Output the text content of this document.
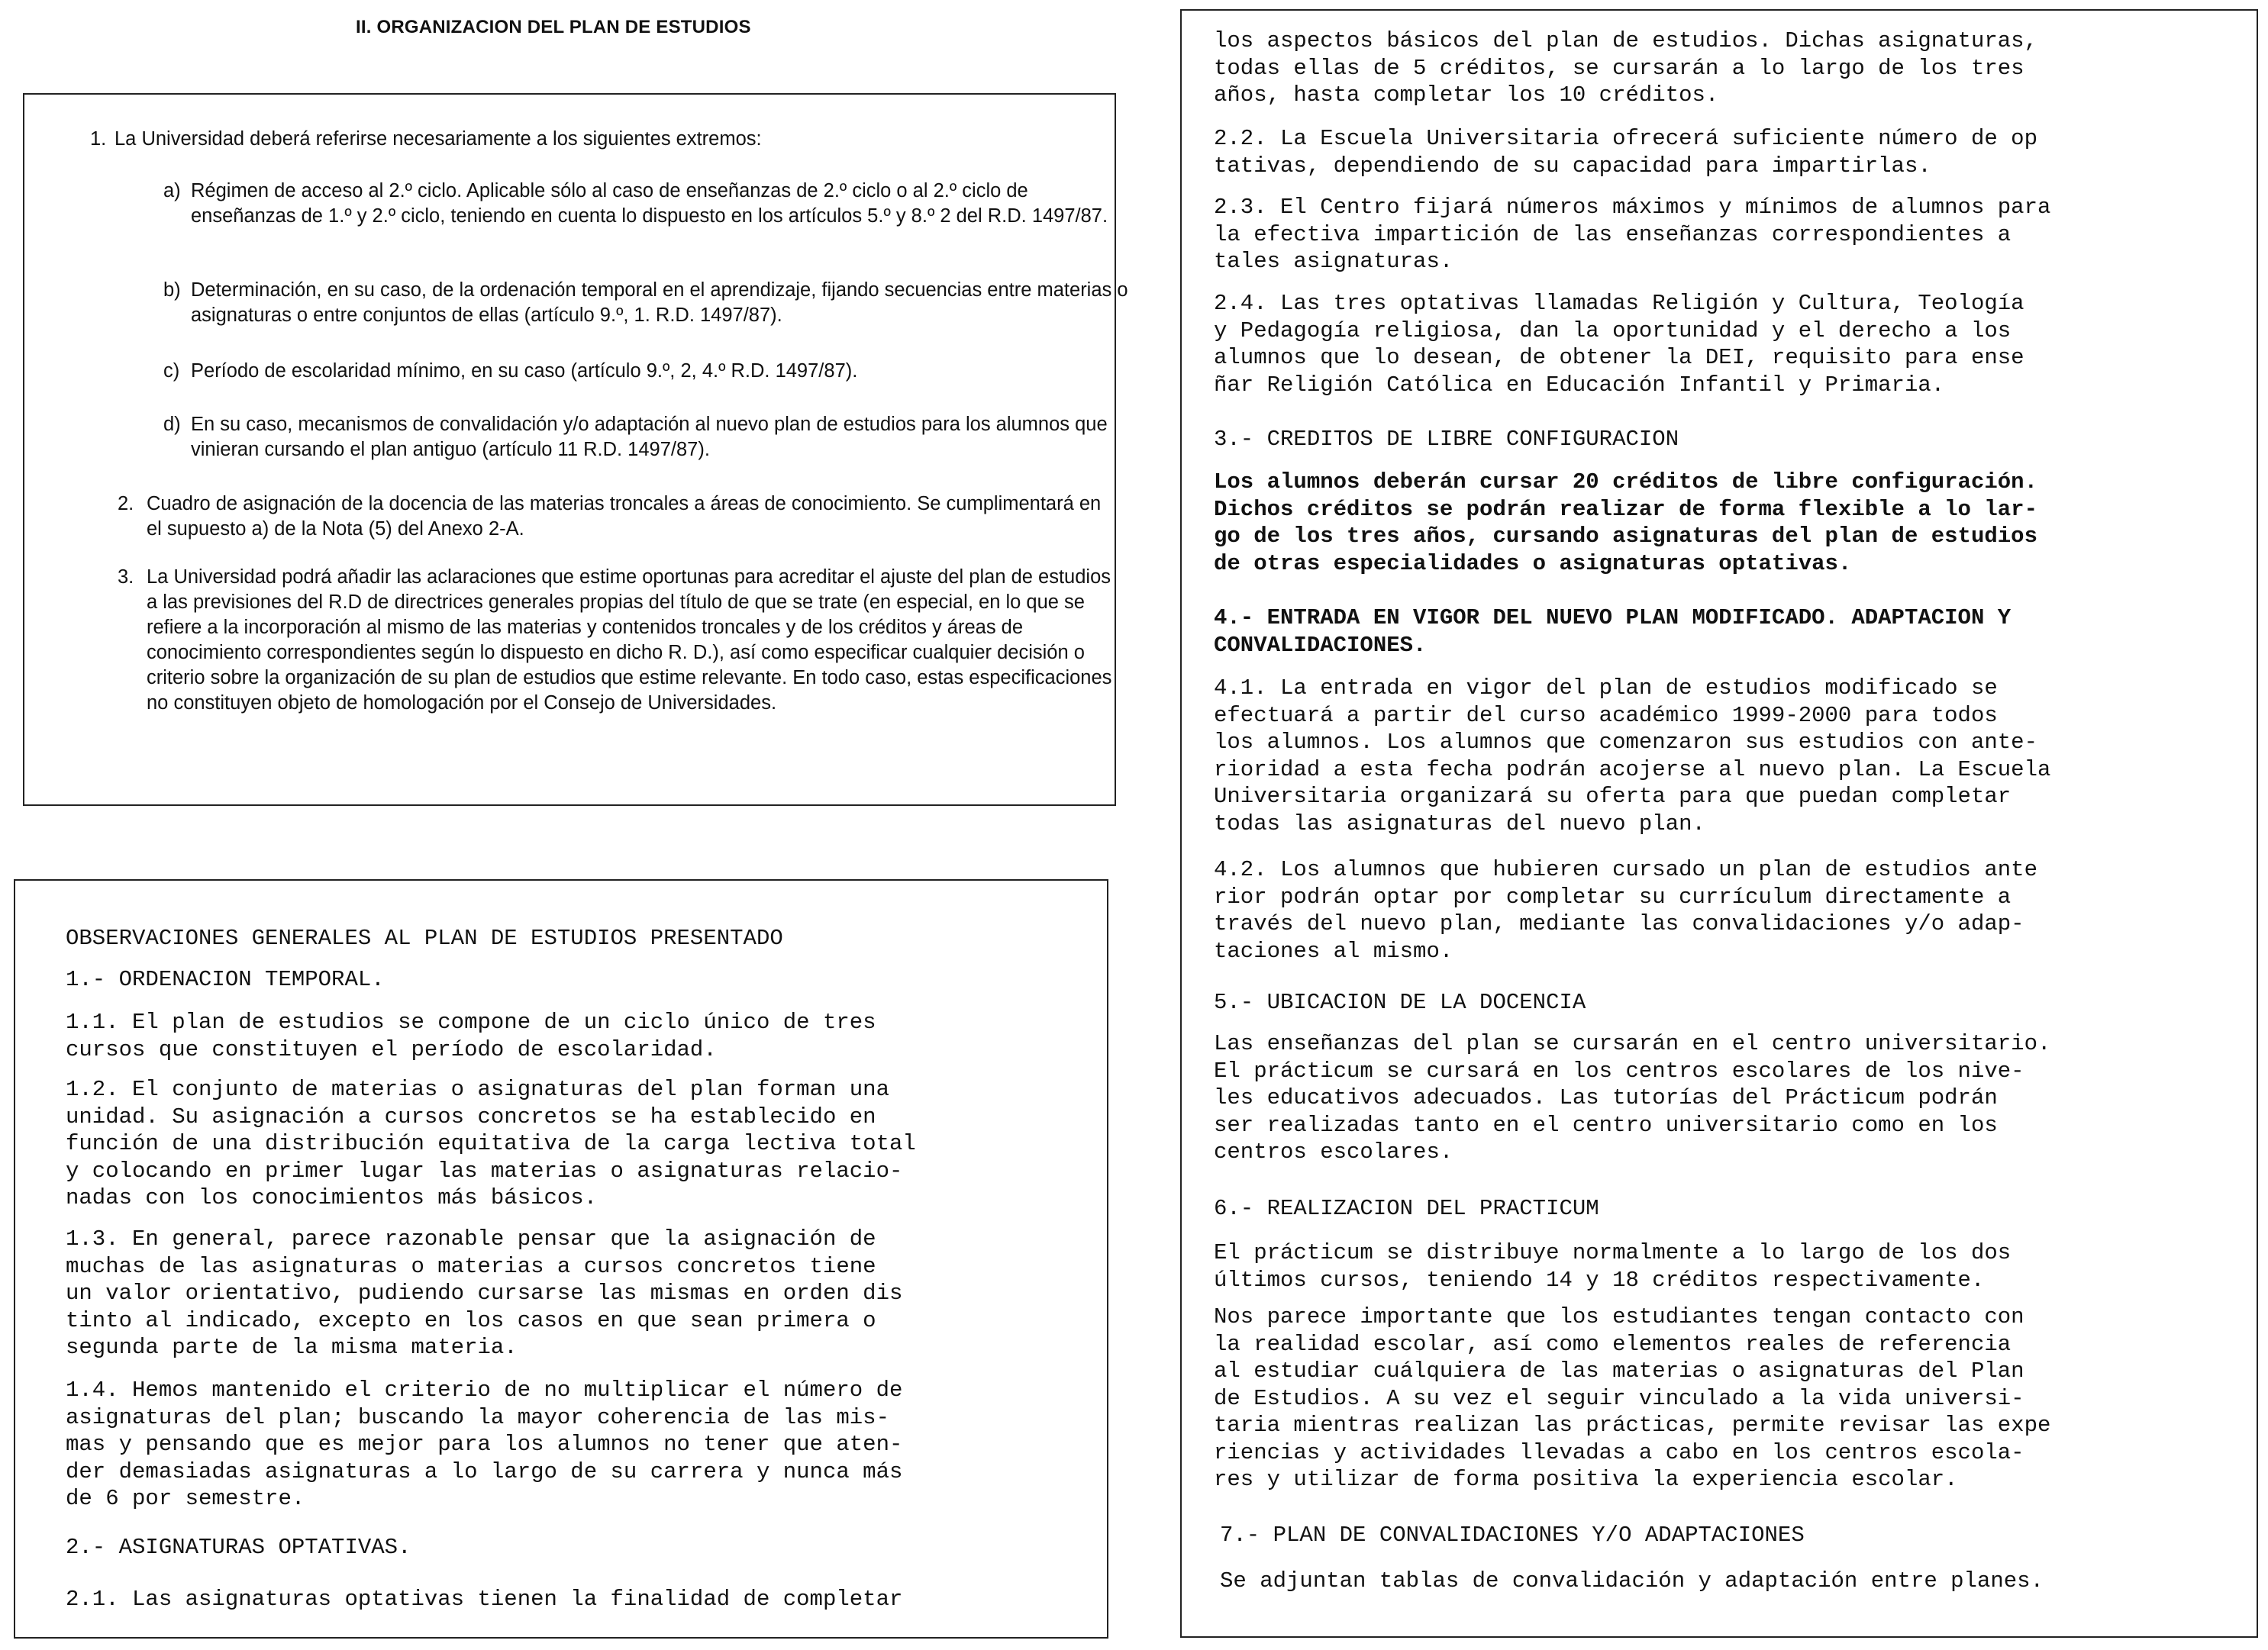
II. ORGANIZACION DEL PLAN DE ESTUDIOS
1. La Universidad deberá referirse necesariamente a los siguientes extremos:
a) Régimen de acceso al 2.º ciclo. Aplicable sólo al caso de enseñanzas de 2.º ciclo o al 2.º ciclo de enseñanzas de 1.º y 2.º ciclo, teniendo en cuenta lo dispuesto en los artículos 5.º y 8.º 2 del R.D. 1497/87.
b) Determinación, en su caso, de la ordenación temporal en el aprendizaje, fijando secuencias entre materias o asignaturas o entre conjuntos de ellas (artículo 9.º, 1. R.D. 1497/87).
c) Período de escolaridad mínimo, en su caso (artículo 9.º, 2, 4.º R.D. 1497/87).
d) En su caso, mecanismos de convalidación y/o adaptación al nuevo plan de estudios para los alumnos que vinieran cursando el plan antiguo (artículo 11 R.D. 1497/87).
2. Cuadro de asignación de la docencia de las materias troncales a áreas de conocimiento. Se cumplimentará en el supuesto a) de la Nota (5) del Anexo 2-A.
3. La Universidad podrá añadir las aclaraciones que estime oportunas para acreditar el ajuste del plan de estudios a las previsiones del R.D de directrices generales propias del título de que se trate (en especial, en lo que se refiere a la incorporación al mismo de las materias y contenidos troncales y de los créditos y áreas de conocimiento correspondientes según lo dispuesto en dicho R. D.), así como especificar cualquier decisión o criterio sobre la organización de su plan de estudios que estime relevante. En todo caso, estas especificaciones no constituyen objeto de homologación por el Consejo de Universidades.

OBSERVACIONES GENERALES AL PLAN DE ESTUDIOS PRESENTADO

1.- ORDENACION TEMPORAL.

1.1. El plan de estudios se compone de un ciclo único de tres
cursos que constituyen el período de escolaridad.

1.2. El conjunto de materias o asignaturas del plan forman una
unidad. Su asignación a cursos concretos se ha establecido en
función de una distribución equitativa de la carga lectiva total
y colocando en primer lugar las materias o asignaturas relacio-
nadas con los conocimientos más básicos.

1.3. En general, parece razonable pensar que la asignación de
muchas de las asignaturas o materias a cursos concretos tiene
un valor orientativo, pudiendo cursarse las mismas en orden dis
tinto al indicado, excepto en los casos en que sean primera o
segunda parte de la misma materia.

1.4. Hemos mantenido el criterio de no multiplicar el número de
asignaturas del plan; buscando la mayor coherencia de las mis-
mas y pensando que es mejor para los alumnos no tener que aten-
der demasiadas asignaturas a lo largo de su carrera y nunca más
de 6 por semestre.

2.- ASIGNATURAS OPTATIVAS.

2.1. Las asignaturas optativas tienen la finalidad de completar

los aspectos básicos del plan de estudios. Dichas asignaturas,
todas ellas de 5 créditos, se cursarán a lo largo de los tres
años, hasta completar los 10 créditos.

2.2. La Escuela Universitaria ofrecerá suficiente número de op
tativas, dependiendo de su capacidad para impartirlas.

2.3. El Centro fijará números máximos y mínimos de alumnos para
la efectiva impartición de las enseñanzas correspondientes a
tales asignaturas.

2.4. Las tres optativas llamadas Religión y Cultura, Teología
y Pedagogía religiosa, dan la oportunidad y el derecho a los
alumnos que lo desean, de obtener la DEI, requisito para ense
ñar Religión Católica en Educación Infantil y Primaria.

3.- CREDITOS DE LIBRE CONFIGURACION

Los alumnos deberán cursar 20 créditos de libre configuración.
Dichos créditos se podrán realizar de forma flexible a lo lar-
go de los tres años, cursando asignaturas del plan de estudios
de otras especialidades o asignaturas optativas.

4.- ENTRADA EN VIGOR DEL NUEVO PLAN MODIFICADO. ADAPTACION Y
CONVALIDACIONES.

4.1. La entrada en vigor del plan de estudios modificado se
efectuará a partir del curso académico 1999-2000 para todos
los alumnos. Los alumnos que comenzaron sus estudios con ante-
rioridad a esta fecha podrán acojerse al nuevo plan. La Escuela
Universitaria organizará su oferta para que puedan completar
todas las asignaturas del nuevo plan.

4.2. Los alumnos que hubieren cursado un plan de estudios ante
rior podrán optar por completar su currículum directamente a
través del nuevo plan, mediante las convalidaciones y/o adap-
taciones al mismo.

5.- UBICACION DE LA DOCENCIA

Las enseñanzas del plan se cursarán en el centro universitario.
El prácticum se cursará en los centros escolares de los nive-
les educativos adecuados. Las tutorías del Prácticum podrán
ser realizadas tanto en el centro universitario como en los
centros escolares.

6.- REALIZACION DEL PRACTICUM

El prácticum se distribuye normalmente a lo largo de los dos
últimos cursos, teniendo 14 y 18 créditos respectivamente.

Nos parece importante que los estudiantes tengan contacto con
la realidad escolar, así como elementos reales de referencia
al estudiar cuálquiera de las materias o asignaturas del Plan
de Estudios. A su vez el seguir vinculado a la vida universi-
taria mientras realizan las prácticas, permite revisar las expe
riencias y actividades llevadas a cabo en los centros escola-
res y utilizar de forma positiva la experiencia escolar.

7.- PLAN DE CONVALIDACIONES Y/O ADAPTACIONES

Se adjuntan tablas de convalidación y adaptación entre planes.
